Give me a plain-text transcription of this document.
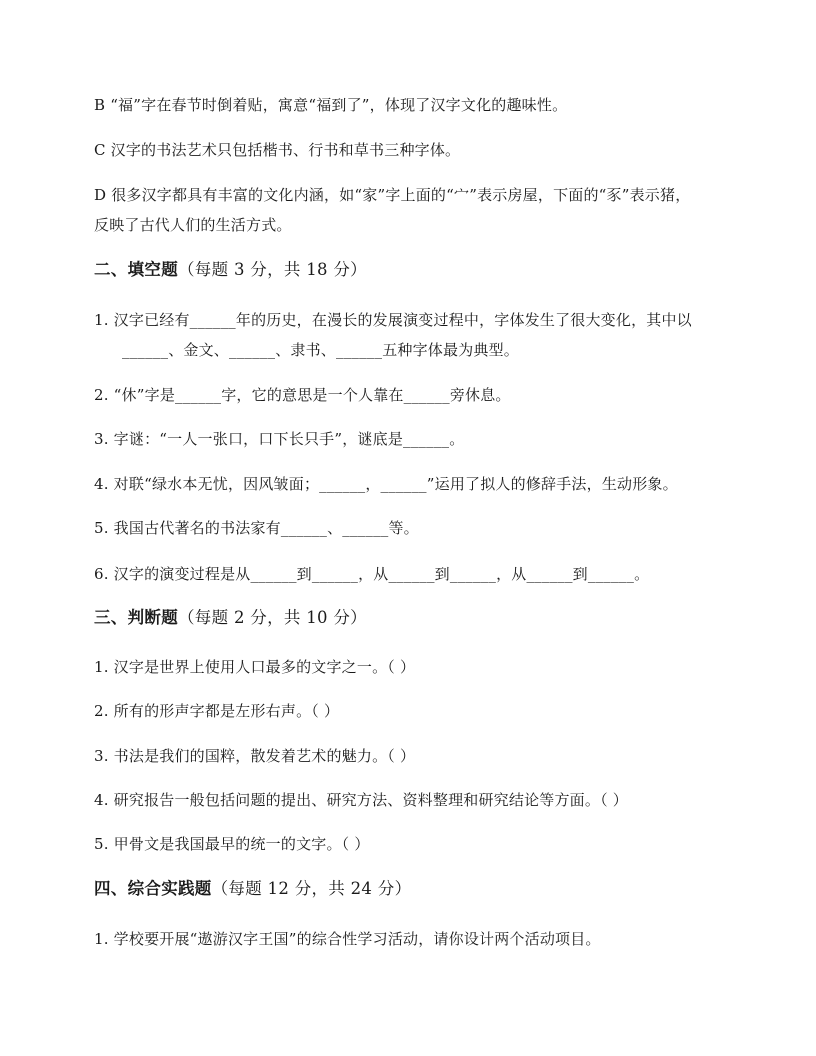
B “福”字在春节时倒着贴，寓意“福到了”，体现了汉字文化的趣味性。
C 汉字的书法艺术只包括楷书、行书和草书三种字体。
D 很多汉字都具有丰富的文化内涵，如“家”字上面的“宀”表示房屋，下面的“豕”表示猪，
反映了古代人们的生活方式。
二、填空题（每题 3 分，共 18 分）
1. 汉字已经有______年的历史，在漫长的发展演变过程中，字体发生了很大变化，其中以
______、金文、______、隶书、______五种字体最为典型。
2. “休”字是______字，它的意思是一个人靠在______旁休息。
3. 字谜：“一人一张口，口下长只手”，谜底是______。
4. 对联“绿水本无忧，因风皱面；______，______”运用了拟人的修辞手法，生动形象。
5. 我国古代著名的书法家有______、______等。
6. 汉字的演变过程是从______到______，从______到______，从______到______。
三、判断题（每题 2 分，共 10 分）
1. 汉字是世界上使用人口最多的文字之一。（ ）
2. 所有的形声字都是左形右声。（ ）
3. 书法是我们的国粹，散发着艺术的魅力。（ ）
4. 研究报告一般包括问题的提出、研究方法、资料整理和研究结论等方面。（ ）
5. 甲骨文是我国最早的统一的文字。（ ）
四、综合实践题（每题 12 分，共 24 分）
1. 学校要开展“遨游汉字王国”的综合性学习活动，请你设计两个活动项目。
